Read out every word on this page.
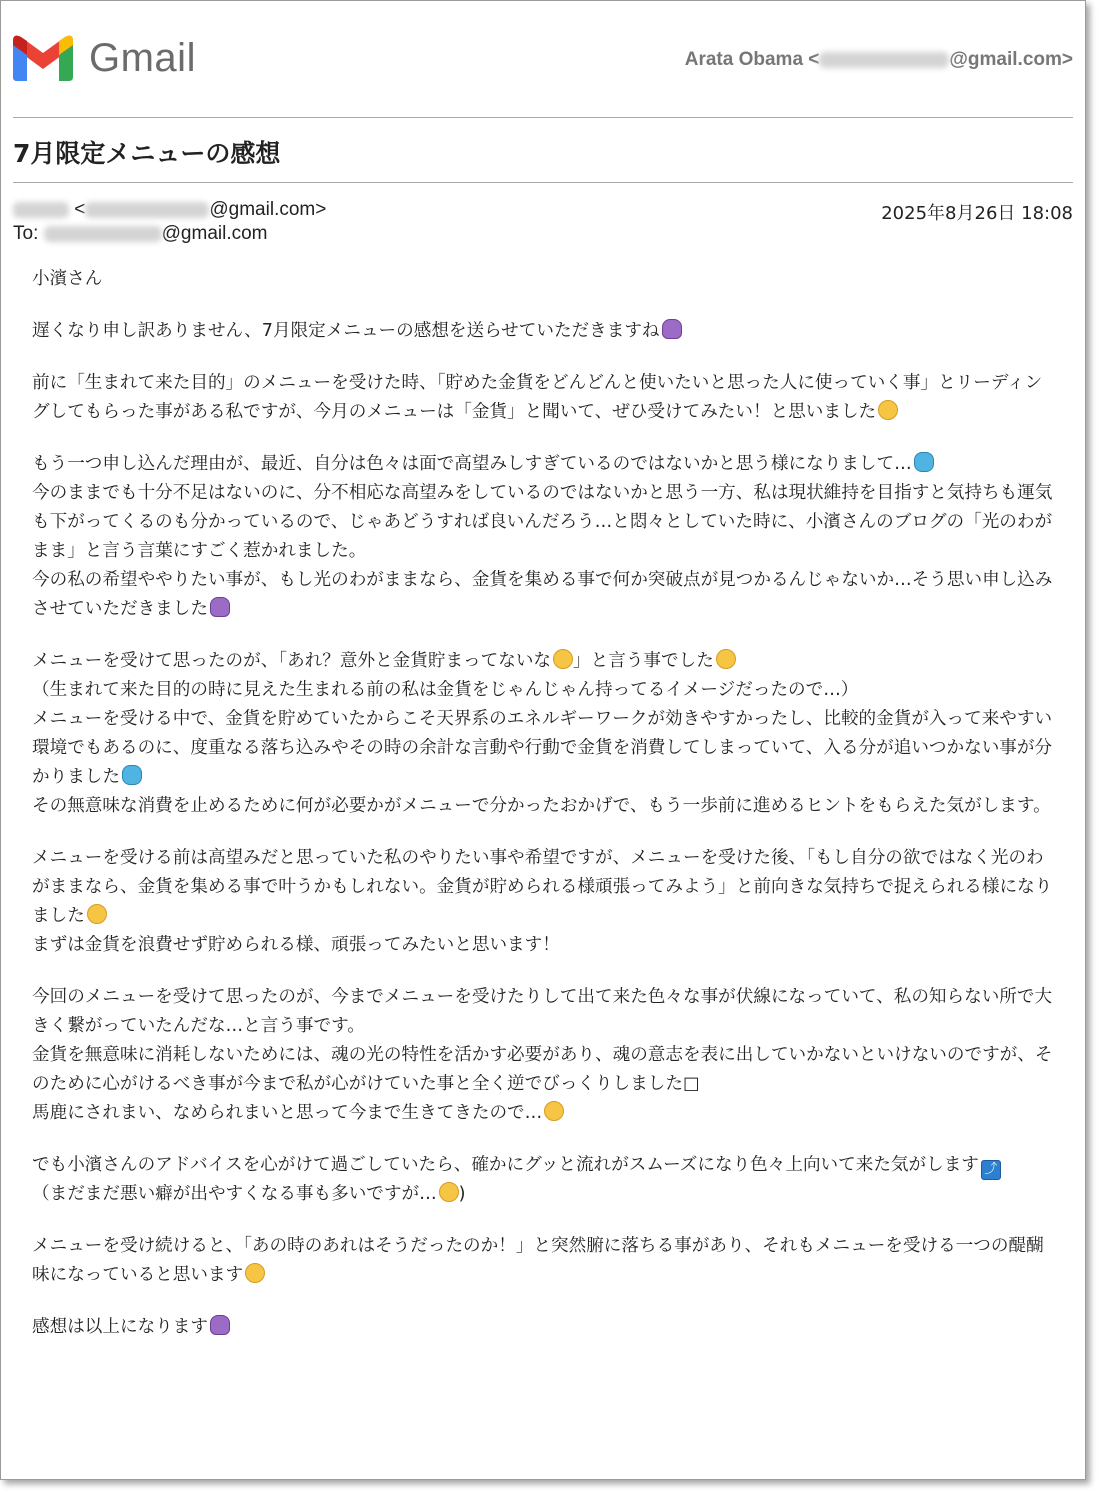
Gmail	Arata Obama <	@gmail.com>
7月限定メニューの感想
<	@gmail.com>	2025年8月26日 18:08
To:	@gmail.com

小濱さん

遅くなり申し訳ありません、7月限定メニューの感想を送らせていただきますね

前に「生まれて来た目的」のメニューを受けた時、「貯めた金貨をどんどんと使いたいと思った人に使っていく事」とリーディングしてもらった事がある私ですが、今月のメニューは「金貨」と聞いて、ぜひ受けてみたい！と思いました

もう一つ申し込んだ理由が、最近、自分は色々は面で高望みしすぎているのではないかと思う様になりまして…
今のままでも十分不足はないのに、分不相応な高望みをしているのではないかと思う一方、私は現状維持を目指すと気持ちも運気も下がってくるのも分かっているので、じゃあどうすれば良いんだろう…と悶々としていた時に、小濱さんのブログの「光のわがまま」と言う言葉にすごく惹かれました。
今の私の希望ややりたい事が、もし光のわがままなら、金貨を集める事で何か突破点が見つかるんじゃないか…そう思い申し込みさせていただきました

メニューを受けて思ったのが、「あれ？意外と金貨貯まってないな 」と言う事でした
（生まれて来た目的の時に見えた生まれる前の私は金貨をじゃんじゃん持ってるイメージだったので…）
メニューを受ける中で、金貨を貯めていたからこそ天界系のエネルギーワークが効きやすかったし、比較的金貨が入って来やすい環境でもあるのに、度重なる落ち込みやその時の余計な言動や行動で金貨を消費してしまっていて、入る分が追いつかない事が分かりました
その無意味な消費を止めるために何が必要かがメニューで分かったおかげで、もう一歩前に進めるヒントをもらえた気がします。

メニューを受ける前は高望みだと思っていた私のやりたい事や希望ですが、メニューを受けた後、「もし自分の欲ではなく光のわがままなら、金貨を集める事で叶うかもしれない。金貨が貯められる様頑張ってみよう」と前向きな気持ちで捉えられる様になりました
まずは金貨を浪費せず貯められる様、頑張ってみたいと思います！

今回のメニューを受けて思ったのが、今までメニューを受けたりして出て来た色々な事が伏線になっていて、私の知らない所で大きく繋がっていたんだな…と言う事です。
金貨を無意味に消耗しないためには、魂の光の特性を活かす必要があり、魂の意志を表に出していかないといけないのですが、そのために心がけるべき事が今まで私が心がけていた事と全く逆でびっくりしました□
馬鹿にされまい、なめられまいと思って今まで生きてきたので…

でも小濱さんのアドバイスを心がけて過ごしていたら、確かにグッと流れがスムーズになり色々上向いて来た気がします ⤴
（まだまだ悪い癖が出やすくなる事も多いですが… )

メニューを受け続けると、「あの時のあれはそうだったのか！」と突然腑に落ちる事があり、それもメニューを受ける一つの醍醐味になっていると思います

感想は以上になります
